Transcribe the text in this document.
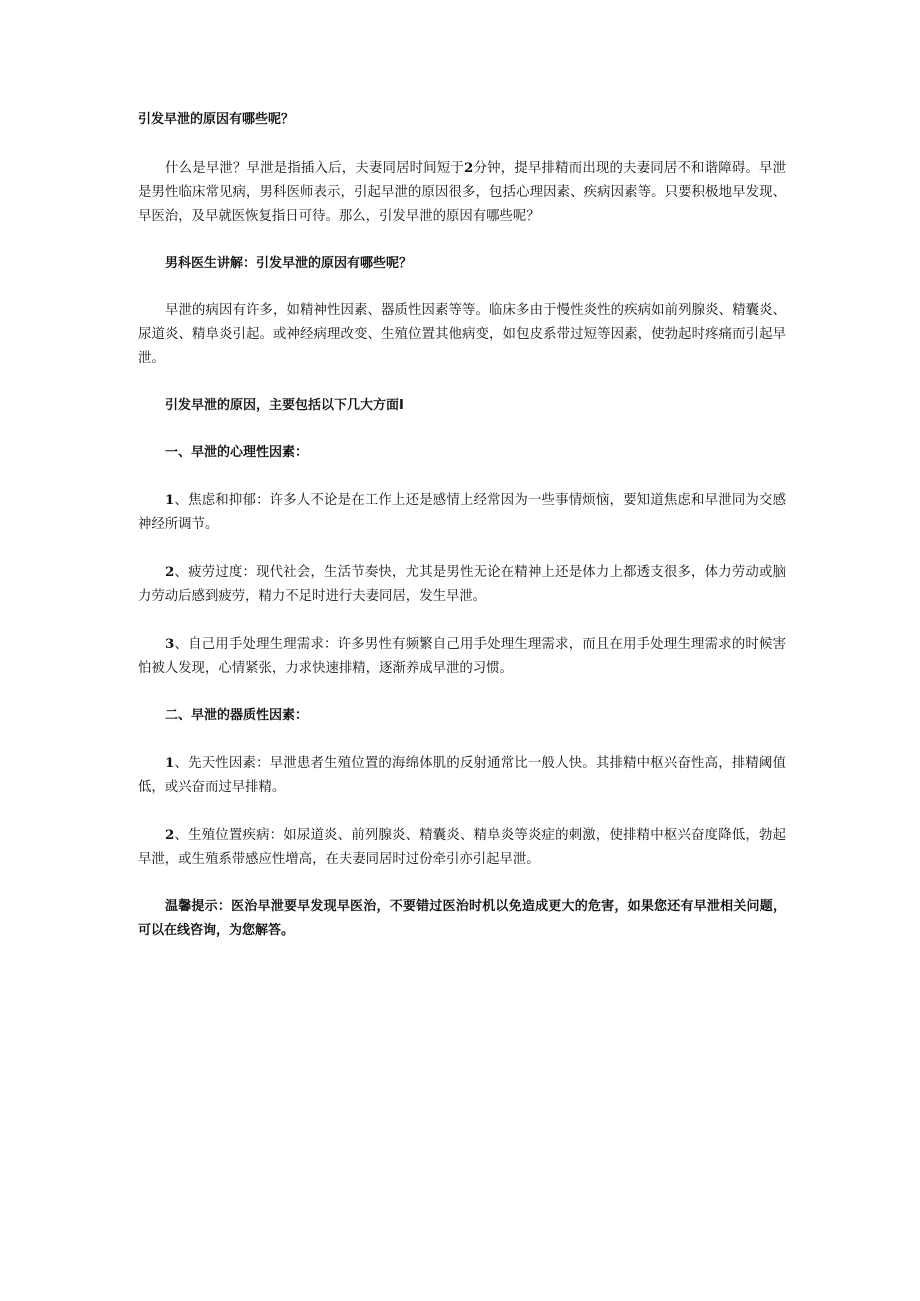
引发早泄的原因有哪些呢？

什么是早泄？早泄是指插入后，夫妻同居时间短于2分钟，提早排精而出现的夫妻同居不和谐障碍。早泄是男性临床常见病，男科医师表示，引起早泄的原因很多，包括心理因素、疾病因素等。只要积极地早发现、早医治，及早就医恢复指日可待。那么，引发早泄的原因有哪些呢？

男科医生讲解：引发早泄的原因有哪些呢？

早泄的病因有许多，如精神性因素、器质性因素等等。临床多由于慢性炎性的疾病如前列腺炎、精囊炎、尿道炎、精阜炎引起。或神经病理改变、生殖位置其他病变，如包皮系带过短等因素，使勃起时疼痛而引起早泄。

引发早泄的原因，主要包括以下几大方面I

一、早泄的心理性因素：

1、焦虑和抑郁：许多人不论是在工作上还是感情上经常因为一些事情烦恼，要知道焦虑和早泄同为交感神经所调节。

2、疲劳过度：现代社会，生活节奏快，尤其是男性无论在精神上还是体力上都透支很多，体力劳动或脑力劳动后感到疲劳，精力不足时进行夫妻同居，发生早泄。

3、自己用手处理生理需求：许多男性有频繁自己用手处理生理需求，而且在用手处理生理需求的时候害怕被人发现，心情紧张，力求快速排精，逐渐养成早泄的习惯。

二、早泄的器质性因素：

1、先天性因素：早泄患者生殖位置的海绵体肌的反射通常比一般人快。其排精中枢兴奋性高，排精阈值低，或兴奋而过早排精。

2、生殖位置疾病：如尿道炎、前列腺炎、精囊炎、精阜炎等炎症的刺激，使排精中枢兴奋度降低，勃起早泄，或生殖系带感应性增高，在夫妻同居时过份牵引亦引起早泄。

温馨提示：医治早泄要早发现早医治，不要错过医治时机以免造成更大的危害，如果您还有早泄相关问题，可以在线咨询，为您解答。
